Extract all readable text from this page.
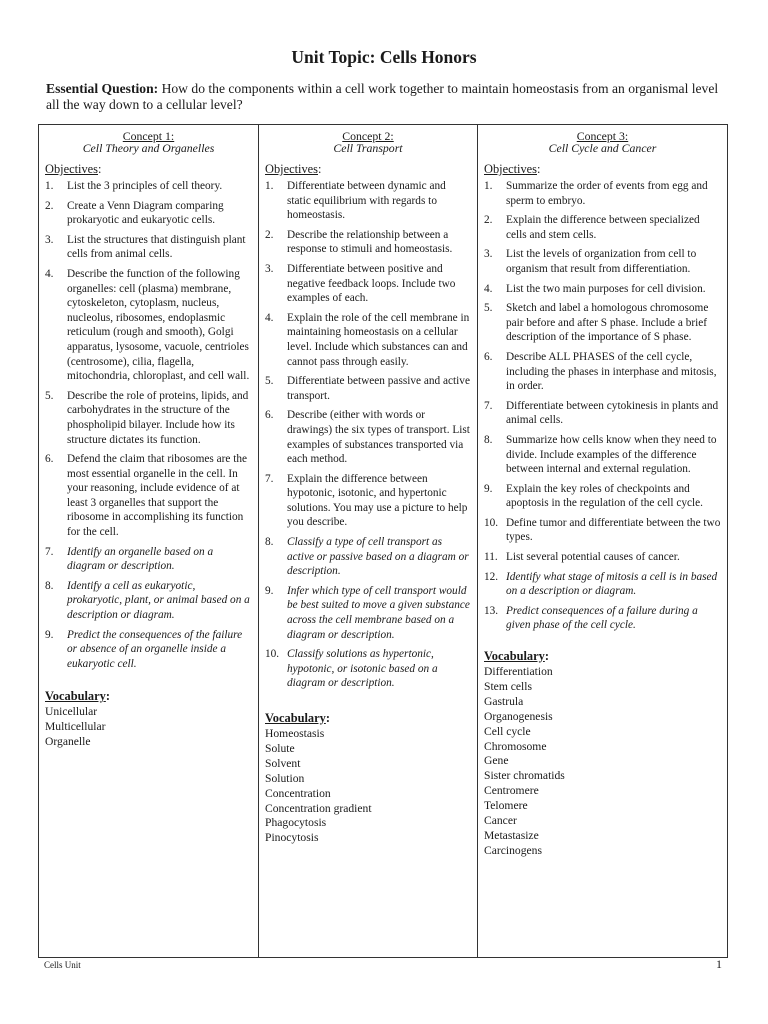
Unit Topic: Cells Honors

Essential Question: How do the components within a cell work together to maintain homeostasis from an organismal level all the way down to a cellular level?

Concept 1:
Cell Theory and Organelles

Objectives:

1. List the 3 principles of cell theory.
2. Create a Venn Diagram comparing prokaryotic and eukaryotic cells.
3. List the structures that distinguish plant cells from animal cells.
4. Describe the function of the following organelles: cell (plasma) membrane, cytoskeleton, cytoplasm, nucleus, nucleolus, ribosomes, endoplasmic reticulum (rough and smooth), Golgi apparatus, lysosome, vacuole, centrioles (centrosome), cilia, flagella, mitochondria, chloroplast, and cell wall.
5. Describe the role of proteins, lipids, and carbohydrates in the structure of the phospholipid bilayer. Include how its structure dictates its function.
6. Defend the claim that ribosomes are the most essential organelle in the cell. In your reasoning, include evidence of at least 3 organelles that support the ribosome in accomplishing its function for the cell.
7. Identify an organelle based on a diagram or description.
8. Identify a cell as eukaryotic, prokaryotic, plant, or animal based on a description or diagram.
9. Predict the consequences of the failure or absence of an organelle inside a eukaryotic cell.

Vocabulary:

Unicellular
Multicellular
Organelle
Concept 2:
Cell Transport

Objectives:

1. Differentiate between dynamic and static equilibrium with regards to homeostasis.
2. Describe the relationship between a response to stimuli and homeostasis.
3. Differentiate between positive and negative feedback loops. Include two examples of each.
4. Explain the role of the cell membrane in maintaining homeostasis on a cellular level. Include which substances can and cannot pass through easily.
5. Differentiate between passive and active transport.
6. Describe (either with words or drawings) the six types of transport. List examples of substances transported via each method.
7. Explain the difference between hypotonic, isotonic, and hypertonic solutions. You may use a picture to help you describe.
8. Classify a type of cell transport as active or passive based on a diagram or description.
9. Infer which type of cell transport would be best suited to move a given substance across the cell membrane based on a diagram or description.
10. Classify solutions as hypertonic, hypotonic, or isotonic based on a diagram or description.

Vocabulary:

Homeostasis
Solute
Solvent
Solution
Concentration
Concentration gradient
Phagocytosis
Pinocytosis
Concept 3:
Cell Cycle and Cancer

Objectives:

1. Summarize the order of events from egg and sperm to embryo.
2. Explain the difference between specialized cells and stem cells.
3. List the levels of organization from cell to organism that result from differentiation.
4. List the two main purposes for cell division.
5. Sketch and label a homologous chromosome pair before and after S phase. Include a brief description of the importance of S phase.
6. Describe ALL PHASES of the cell cycle, including the phases in interphase and mitosis, in order.
7. Differentiate between cytokinesis in plants and animal cells.
8. Summarize how cells know when they need to divide. Include examples of the difference between internal and external regulation.
9. Explain the key roles of checkpoints and apoptosis in the regulation of the cell cycle.
10. Define tumor and differentiate between the two types.
11. List several potential causes of cancer.
12. Identify what stage of mitosis a cell is in based on a description or diagram.
13. Predict consequences of a failure during a given phase of the cell cycle.

Vocabulary:

Differentiation
Stem cells
Gastrula
Organogenesis
Cell cycle
Chromosome
Gene
Sister chromatids
Centromere
Telomere
Cancer
Metastasize
Carcinogens

Cells Unit	1
